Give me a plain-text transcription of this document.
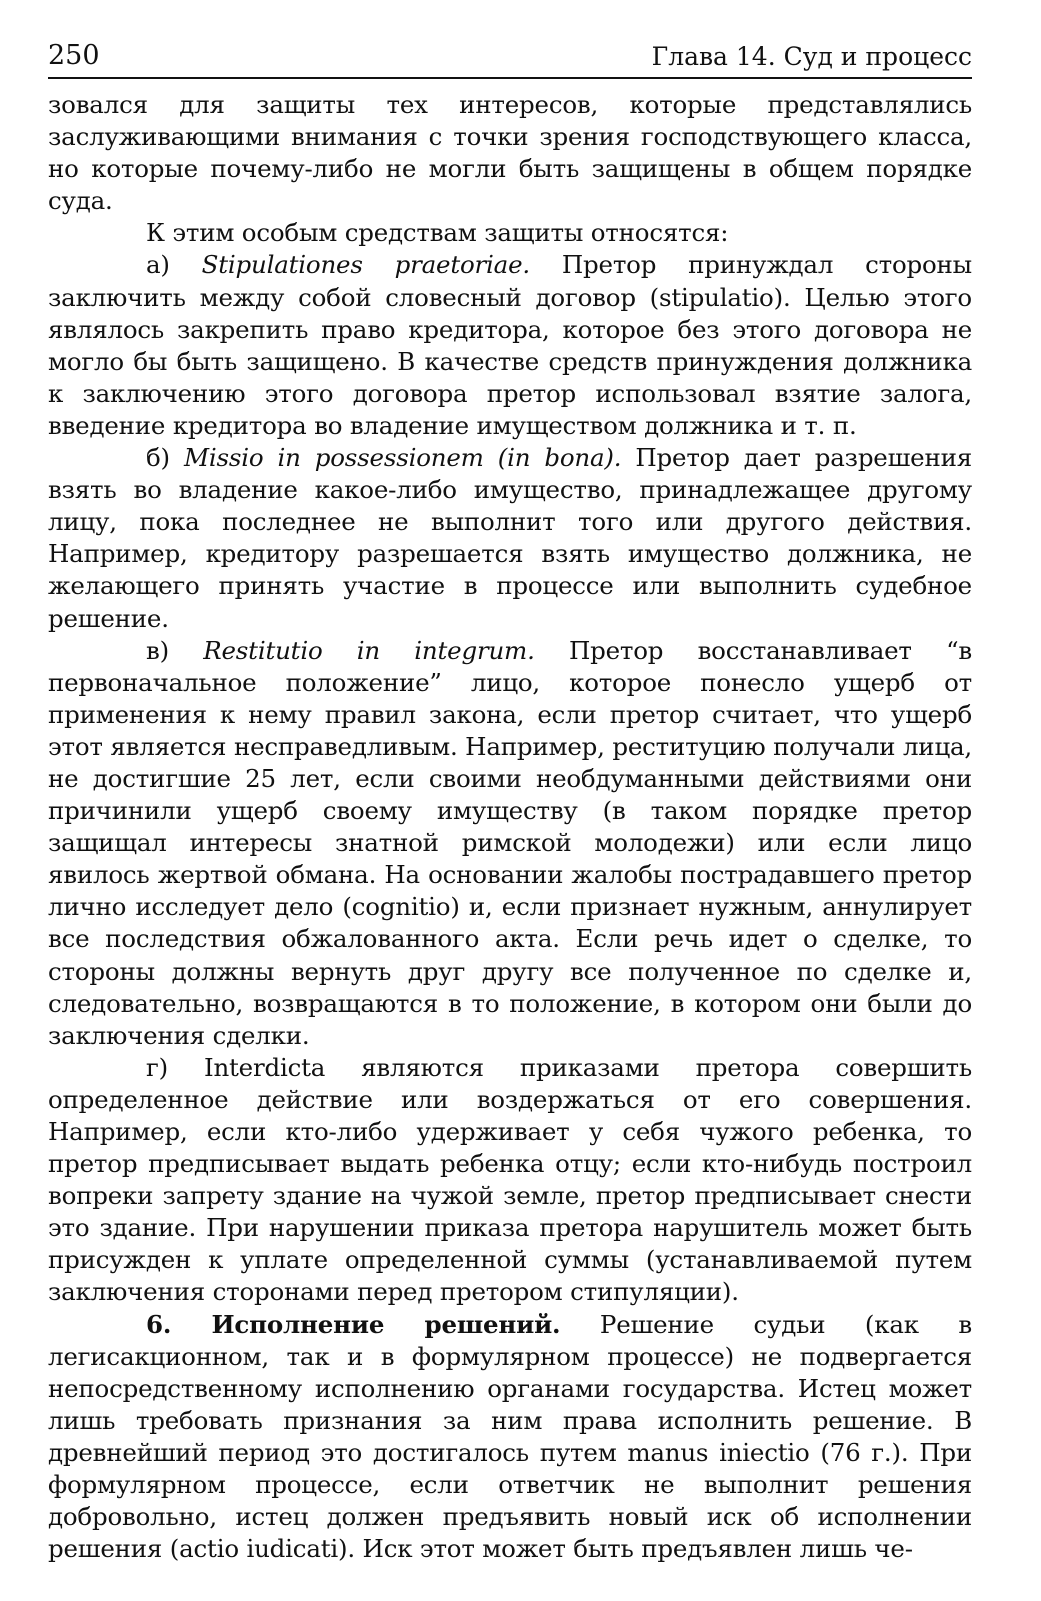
250	Глава 14. Суд и процесс

зовался для защиты тех интересов, которые представлялись заслуживающими внимания с точки зрения господствующего класса, но которые почему-либо не могли быть защищены в общем порядке суда.

К этим особым средствам защиты относятся:

а) Stipulationes praetoriae. Претор принуждал стороны заключить между собой словесный договор (stipulatio). Целью этого являлось закрепить право кредитора, которое без этого договора не могло бы быть защищено. В качестве средств принуждения должника к заключению этого договора претор использовал взятие залога, введение кредитора во владение имуществом должника и т. п.

б) Missio in possessionem (in bona). Претор дает разрешения взять во владение какое-либо имущество, принадлежащее другому лицу, пока последнее не выполнит того или другого действия. Например, кредитору разрешается взять имущество должника, не желающего принять участие в процессе или выполнить судебное решение.

в) Restitutio in integrum. Претор восстанавливает “в первоначальное положение” лицо, которое понесло ущерб от применения к нему правил закона, если претор считает, что ущерб этот является несправедливым. Например, реституцию получали лица, не достигшие 25 лет, если своими необдуманными действиями они причинили ущерб своему имуществу (в таком порядке претор защищал интересы знатной римской молодежи) или если лицо явилось жертвой обмана. На основании жалобы пострадавшего претор лично исследует дело (cognitio) и, если признает нужным, аннулирует все последствия обжалованного акта. Если речь идет о сделке, то стороны должны вернуть друг другу все полученное по сделке и, следовательно, возвращаются в то положение, в котором они были до заключения сделки.

г) Interdicta являются приказами претора совершить определенное действие или воздержаться от его совершения. Например, если кто-либо удерживает у себя чужого ребенка, то претор предписывает выдать ребенка отцу; если кто-нибудь построил вопреки запрету здание на чужой земле, претор предписывает снести это здание. При нарушении приказа претора нарушитель может быть присужден к уплате определенной суммы (устанавливаемой путем заключения сторонами перед претором стипуляции).

6. Исполнение решений. Решение судьи (как в легисакционном, так и в формулярном процессе) не подвергается непосредственному исполнению органами государства. Истец может лишь требовать признания за ним права исполнить решение. В древнейший период это достигалось путем manus iniectio (76 г.). При формулярном процессе, если ответчик не выполнит решения добровольно, истец должен предъявить новый иск об исполнении решения (actio iudicati). Иск этот может быть предъявлен лишь че-
